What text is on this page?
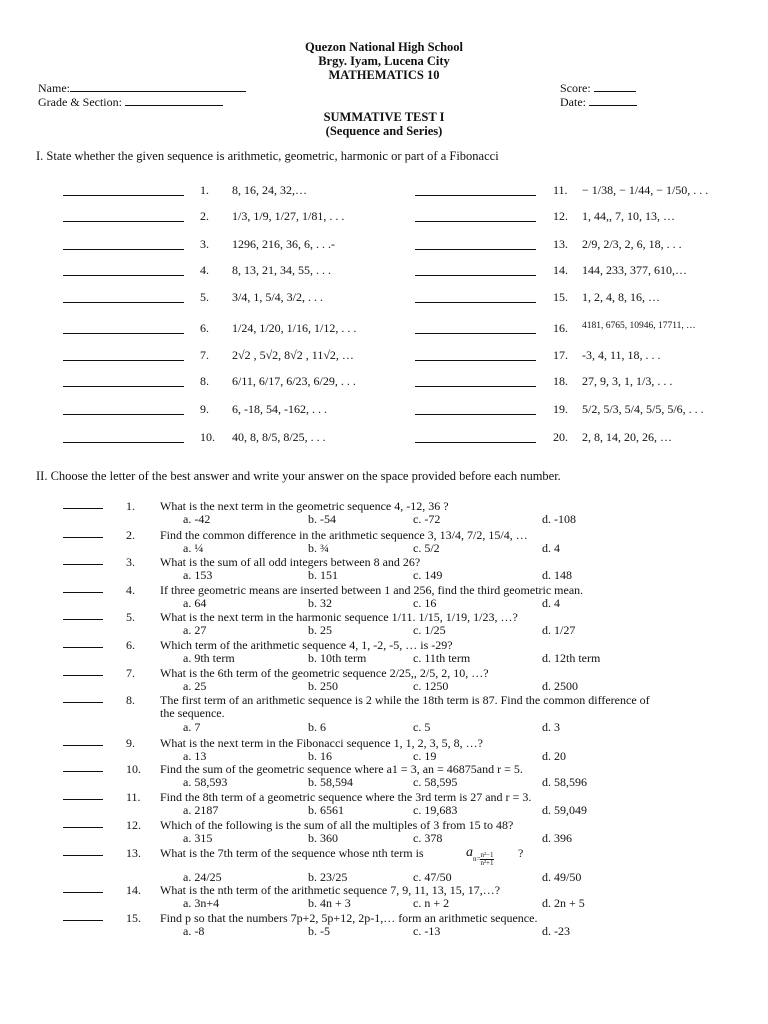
Quezon National High School
Brgy. Iyam, Lucena City
MATHEMATICS 10
Name:	Score:
Grade & Section:	Date:
SUMMATIVE TEST I
(Sequence and Series)
I. State whether the given sequence is arithmetic, geometric, harmonic or part of a Fibonacci
1. 8, 16, 24, 32,…
2. 1/3, 1/9, 1/27, 1/81, . . .
3. 1296, 216, 36, 6, . . .-
4. 8, 13, 21, 34, 55, . . .
5. 3/4, 1, 5/4, 3/2, . . .
6. 1/24, 1/20, 1/16, 1/12, . . .
7. 2√2 , 5√2, 8√2 , 11√2, …
8. 6/11, 6/17, 6/23, 6/29, . . .
9. 6, -18, 54, -162, . . .
10. 40, 8, 8/5, 8/25, . . .
11. − 1/38, − 1/44, − 1/50, . . .
12. 1, 44,, 7, 10, 13, …
13. 2/9, 2/3, 2, 6, 18, . . .
14. 144, 233, 377, 610,…
15. 1, 2, 4, 8, 16, …
16. 4181, 6765, 10946, 17711, …
17. -3, 4, 11, 18, . . .
18. 27, 9, 3, 1, 1/3, . . .
19. 5/2, 5/3, 5/4, 5/5, 5/6, . . .
20. 2, 8, 14, 20, 26, …
II. Choose the letter of the best answer and write your answer on the space provided before each number.
1. What is the next term in the geometric sequence 4, -12, 36 ?
a. -42	b. -54	c. -72	d. -108
2. Find the common difference in the arithmetic sequence 3, 13/4, 7/2, 15/4, …
a. ¼	b. ¾	c. 5/2	d. 4
3. What is the sum of all odd integers between 8 and 26?
a. 153	b. 151	c. 149	d. 148
4. If three geometric means are inserted between 1 and 256, find the third geometric mean.
a. 64	b. 32	c. 16	d. 4
5. What is the next term in the harmonic sequence 1/11. 1/15, 1/19, 1/23, …?
a. 27	b. 25	c. 1/25	d. 1/27
6. Which term of the arithmetic sequence 4, 1, -2, -5, … is -29?
a. 9th term	b. 10th term	c. 11th term	d. 12th term
7. What is the 6th term of the geometric sequence 2/25,, 2/5, 2, 10, …?
a. 25	b. 250	c. 1250	d. 2500
8. The first term of an arithmetic sequence is 2 while the 18th term is 87. Find the common difference of
the sequence.
a. 7	b. 6	c. 5	d. 3
9. What is the next term in the Fibonacci sequence 1, 1, 2, 3, 5, 8, …?
a. 13	b. 16	c. 19	d. 20
10. Find the sum of the geometric sequence where a1 = 3, an = 46875and r = 5.
a. 58,593	b. 58,594	c. 58,595	d. 58,596
11. Find the 8th term of a geometric sequence where the 3rd term is 27 and r = 3.
a. 2187	b. 6561	c. 19,683	d. 59,049
12. Which of the following is the sum of all the multiples of 3 from 15 to 48?
a. 315	b. 360	c. 378	d. 396
13. What is the 7th term of the sequence whose nth term is	$a_{n= \frac{\text{n²−1}}{\text{n²+1}}}$ ?
a. 24/25	b. 23/25	c. 47/50	d. 49/50
14. What is the nth term of the arithmetic sequence 7, 9, 11, 13, 15, 17,…?
a. 3n+4	b. 4n + 3	c. n + 2	d. 2n + 5
15. Find p so that the numbers 7p+2, 5p+12, 2p-1,… form an arithmetic sequence.
a. -8	b. -5	c. -13	d. -23
